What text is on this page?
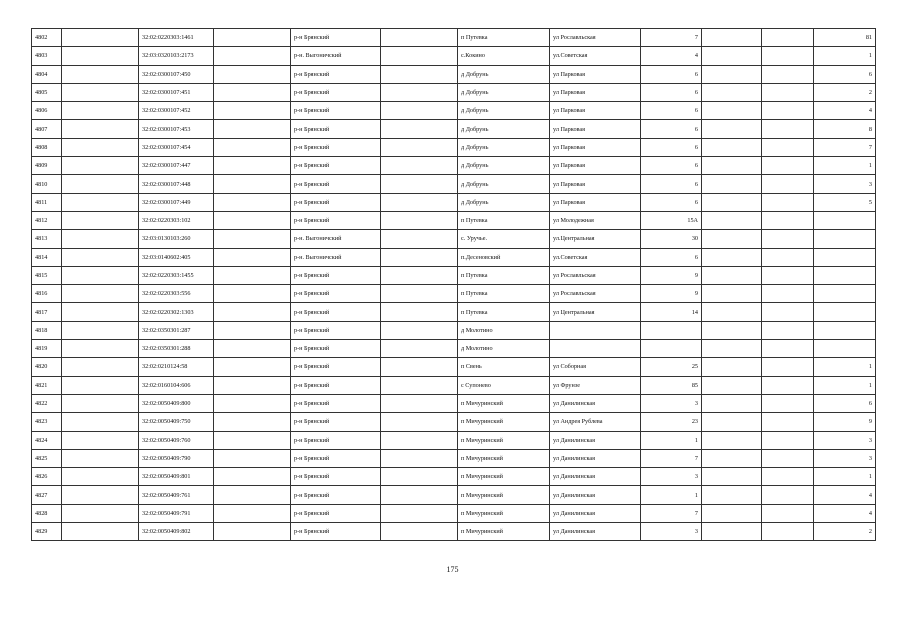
4802		32:02:0220303:1461		р-н Брянский		п Путевка	ул Рославльская	7			81
4803		32:03:0320103:2173		р-н. Выгоничский		с.Кокино	ул.Советская	4			1
4804		32:02:0300107:450		р-н Брянский		д Добрунь	ул Парковая	6			6
4805		32:02:0300107:451		р-н Брянский		д Добрунь	ул Парковая	6			2
4806		32:02:0300107:452		р-н Брянский		д Добрунь	ул Парковая	6			4
4807		32:02:0300107:453		р-н Брянский		д Добрунь	ул Парковая	6			8
4808		32:02:0300107:454		р-н Брянский		д Добрунь	ул Парковая	6			7
4809		32:02:0300107:447		р-н Брянский		д Добрунь	ул Парковая	6			1
4810		32:02:0300107:448		р-н Брянский		д Добрунь	ул Парковая	6			3
4811		32:02:0300107:449		р-н Брянский		д Добрунь	ул Парковая	6			5
4812		32:02:0220303:102		р-н Брянский		п Путевка	ул Молодежная	15А			
4813		32:03:0130103:260		р-н. Выгоничский		с. Уручье.	ул.Центральная	30			
4814		32:03:0140602:405		р-н. Выгоничский		п.Десеновский	ул.Советская	6			
4815		32:02:0220303:1455		р-н Брянский		п Путевка	ул Рославльская	9			
4816		32:02:0220303:556		р-н Брянский		п Путевка	ул Рославльская	9			
4817		32:02:0220302:1303		р-н Брянский		п Путевка	ул Центральная	14			
4818		32:02:0350301:287		р-н Брянский		д Молотино					
4819		32:02:0350301:288		р-н Брянский		д Молотино					
4820		32:02:0210124:58		р-н Брянский		п Свень	ул Соборная	25			1
4821		32:02:0160104:606		р-н Брянский		с Супонево	ул Фрунзе	85			1
4822		32:02:0050409:800		р-н Брянский		п Мичуринский	ул Данилинская	3			6
4823		32:02:0050409:750		р-н Брянский		п Мичуринский	ул Андрея Рублева	23			9
4824		32:02:0050409:760		р-н Брянский		п Мичуринский	ул Данилинская	1			3
4825		32:02:0050409:790		р-н Брянский		п Мичуринский	ул Данилинская	7			3
4826		32:02:0050409:801		р-н Брянский		п Мичуринский	ул Данилинская	3			1
4827		32:02:0050409:761		р-н Брянский		п Мичуринский	ул Данилинская	1			4
4828		32:02:0050409:791		р-н Брянский		п Мичуринский	ул Данилинская	7			4
4829		32:02:0050409:802		р-н Брянский		п Мичуринский	ул Данилинская	3			2
175
